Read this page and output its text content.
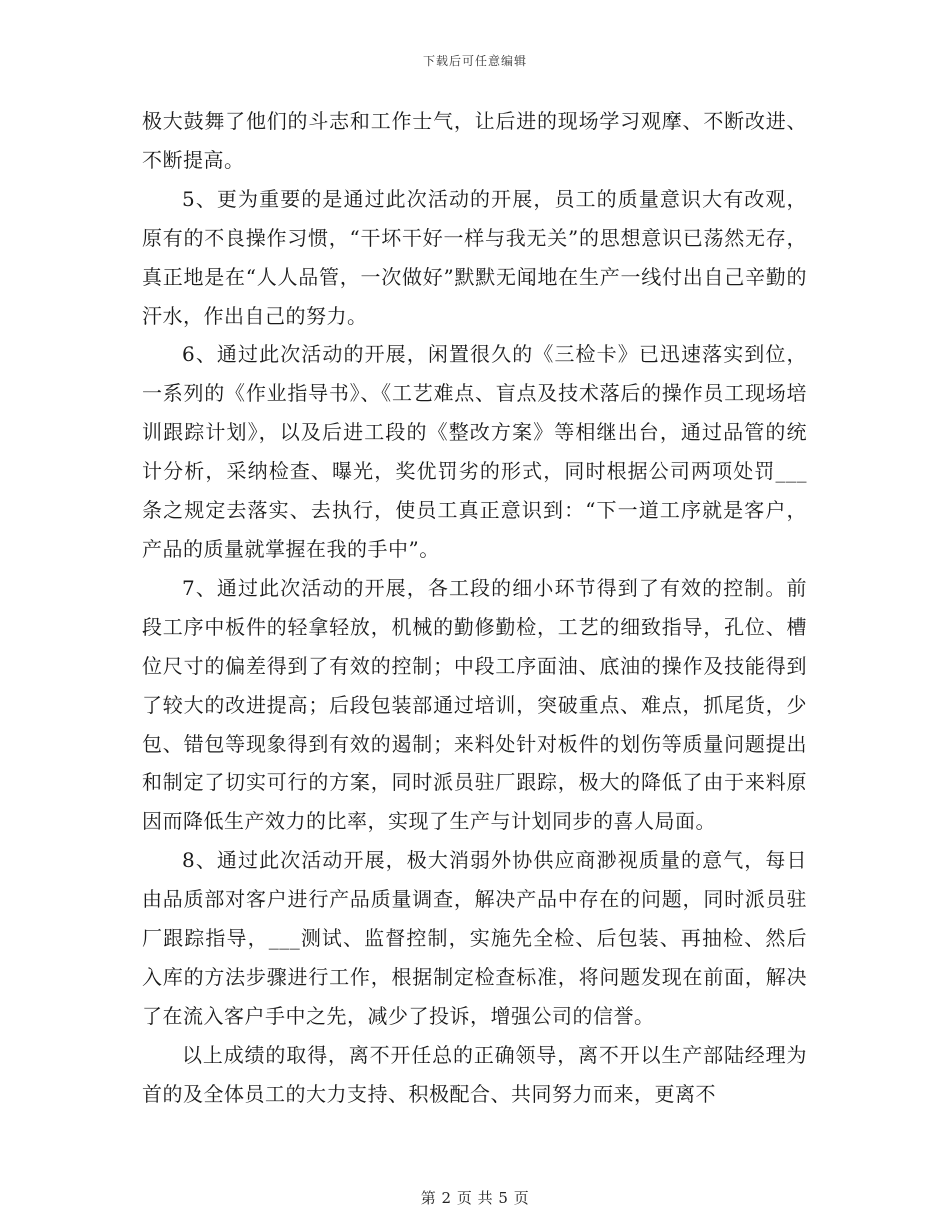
下载后可任意编辑

极大鼓舞了他们的斗志和工作士气，让后进的现场学习观摩、不断改进、不断提高。

5、更为重要的是通过此次活动的开展，员工的质量意识大有改观，原有的不良操作习惯，“干坏干好一样与我无关”的思想意识已荡然无存，真正地是在“人人品管，一次做好”默默无闻地在生产一线付出自己辛勤的汗水，作出自己的努力。

6、通过此次活动的开展，闲置很久的《三检卡》已迅速落实到位，一系列的《作业指导书》、《工艺难点、盲点及技术落后的操作员工现场培训跟踪计划》，以及后进工段的《整改方案》等相继出台，通过品管的统计分析，采纳检查、曝光，奖优罚劣的形式，同时根据公司两项处罚___条之规定去落实、去执行，使员工真正意识到：“下一道工序就是客户，产品的质量就掌握在我的手中”。

7、通过此次活动的开展，各工段的细小环节得到了有效的控制。前段工序中板件的轻拿轻放，机械的勤修勤检，工艺的细致指导，孔位、槽位尺寸的偏差得到了有效的控制；中段工序面油、底油的操作及技能得到了较大的改进提高；后段包装部通过培训，突破重点、难点，抓尾货，少包、错包等现象得到有效的遏制；来料处针对板件的划伤等质量问题提出和制定了切实可行的方案，同时派员驻厂跟踪，极大的降低了由于来料原因而降低生产效力的比率，实现了生产与计划同步的喜人局面。

8、通过此次活动开展，极大消弱外协供应商渺视质量的意气，每日由品质部对客户进行产品质量调查，解决产品中存在的问题，同时派员驻厂跟踪指导，___测试、监督控制，实施先全检、后包装、再抽检、然后入库的方法步骤进行工作，根据制定检查标准，将问题发现在前面，解决了在流入客户手中之先，减少了投诉，增强公司的信誉。

以上成绩的取得，离不开任总的正确领导，离不开以生产部陆经理为首的及全体员工的大力支持、积极配合、共同努力而来，更离不

第 2 页 共 5 页
